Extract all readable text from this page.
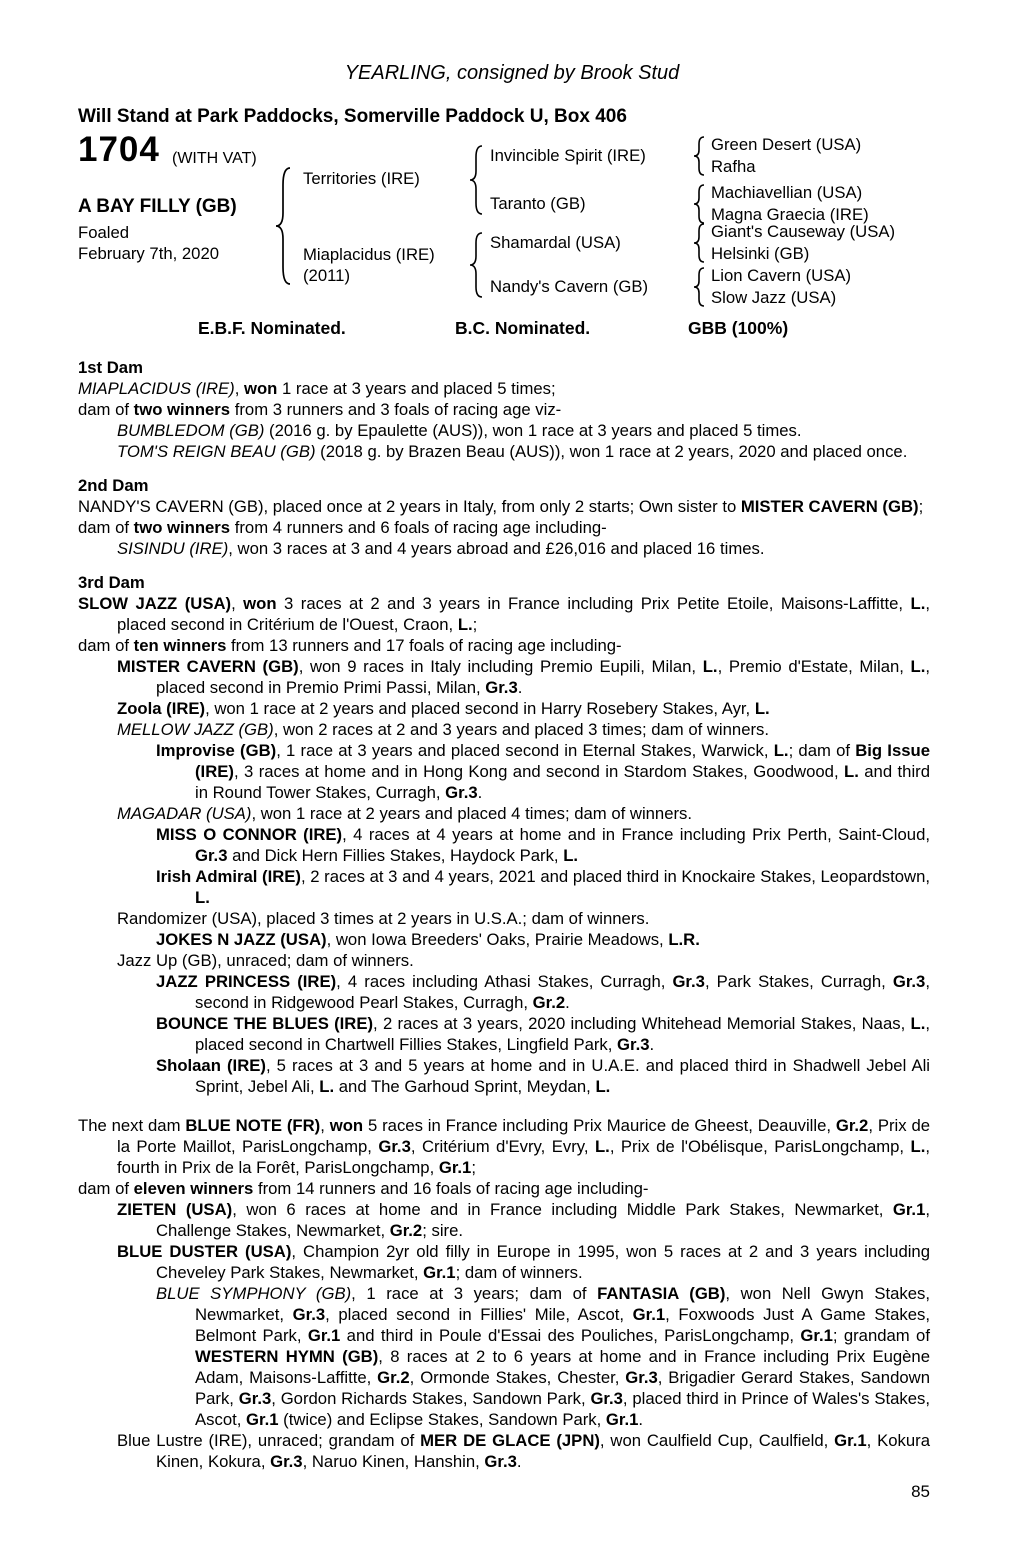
YEARLING, consigned by Brook Stud
Will Stand at Park Paddocks, Somerville Paddock U, Box 406
1704 (WITH VAT)
A BAY FILLY (GB)
Foaled
February 7th, 2020
Territories (IRE)
Miaplacidus (IRE)
(2011)
Invincible Spirit (IRE)
Taranto (GB)
Shamardal (USA)
Nandy's Cavern (GB)
Green Desert (USA)
Rafha
Machiavellian (USA)
Magna Graecia (IRE)
Giant's Causeway (USA)
Helsinki (GB)
Lion Cavern (USA)
Slow Jazz (USA)
E.B.F. Nominated.	B.C. Nominated.	GBB (100%)
1st Dam

MIAPLACIDUS (IRE), won 1 race at 3 years and placed 5 times;

dam of two winners from 3 runners and 3 foals of racing age viz-

BUMBLEDOM (GB) (2016 g. by Epaulette (AUS)), won 1 race at 3 years and placed 5 times.

TOM'S REIGN BEAU (GB) (2018 g. by Brazen Beau (AUS)), won 1 race at 2 years, 2020 and placed once.

2nd Dam

NANDY'S CAVERN (GB), placed once at 2 years in Italy, from only 2 starts; Own sister to MISTER CAVERN (GB);

dam of two winners from 4 runners and 6 foals of racing age including-

SISINDU (IRE), won 3 races at 3 and 4 years abroad and £26,016 and placed 16 times.

3rd Dam

SLOW JAZZ (USA), won 3 races at 2 and 3 years in France including Prix Petite Etoile, Maisons-Laffitte, L., placed second in Critérium de l'Ouest, Craon, L.;

dam of ten winners from 13 runners and 17 foals of racing age including-

MISTER CAVERN (GB), won 9 races in Italy including Premio Eupili, Milan, L., Premio d'Estate, Milan, L., placed second in Premio Primi Passi, Milan, Gr.3.

Zoola (IRE), won 1 race at 2 years and placed second in Harry Rosebery Stakes, Ayr, L.

MELLOW JAZZ (GB), won 2 races at 2 and 3 years and placed 3 times; dam of winners.

Improvise (GB), 1 race at 3 years and placed second in Eternal Stakes, Warwick, L.; dam of Big Issue (IRE), 3 races at home and in Hong Kong and second in Stardom Stakes, Goodwood, L. and third in Round Tower Stakes, Curragh, Gr.3.

MAGADAR (USA), won 1 race at 2 years and placed 4 times; dam of winners.

MISS O CONNOR (IRE), 4 races at 4 years at home and in France including Prix Perth, Saint-Cloud, Gr.3 and Dick Hern Fillies Stakes, Haydock Park, L.

Irish Admiral (IRE), 2 races at 3 and 4 years, 2021 and placed third in Knockaire Stakes, Leopardstown, L.

Randomizer (USA), placed 3 times at 2 years in U.S.A.; dam of winners.

JOKES N JAZZ (USA), won Iowa Breeders' Oaks, Prairie Meadows, L.R.

Jazz Up (GB), unraced; dam of winners.

JAZZ PRINCESS (IRE), 4 races including Athasi Stakes, Curragh, Gr.3, Park Stakes, Curragh, Gr.3, second in Ridgewood Pearl Stakes, Curragh, Gr.2.

BOUNCE THE BLUES (IRE), 2 races at 3 years, 2020 including Whitehead Memorial Stakes, Naas, L., placed second in Chartwell Fillies Stakes, Lingfield Park, Gr.3.

Sholaan (IRE), 5 races at 3 and 5 years at home and in U.A.E. and placed third in Shadwell Jebel Ali Sprint, Jebel Ali, L. and The Garhoud Sprint, Meydan, L.

The next dam BLUE NOTE (FR), won 5 races in France including Prix Maurice de Gheest, Deauville, Gr.2, Prix de la Porte Maillot, ParisLongchamp, Gr.3, Critérium d'Evry, Evry, L., Prix de l'Obélisque, ParisLongchamp, L., fourth in Prix de la Forêt, ParisLongchamp, Gr.1;

dam of eleven winners from 14 runners and 16 foals of racing age including-

ZIETEN (USA), won 6 races at home and in France including Middle Park Stakes, Newmarket, Gr.1, Challenge Stakes, Newmarket, Gr.2; sire.

BLUE DUSTER (USA), Champion 2yr old filly in Europe in 1995, won 5 races at 2 and 3 years including Cheveley Park Stakes, Newmarket, Gr.1; dam of winners.

BLUE SYMPHONY (GB), 1 race at 3 years; dam of FANTASIA (GB), won Nell Gwyn Stakes, Newmarket, Gr.3, placed second in Fillies' Mile, Ascot, Gr.1, Foxwoods Just A Game Stakes, Belmont Park, Gr.1 and third in Poule d'Essai des Pouliches, ParisLongchamp, Gr.1; grandam of WESTERN HYMN (GB), 8 races at 2 to 6 years at home and in France including Prix Eugène Adam, Maisons-Laffitte, Gr.2, Ormonde Stakes, Chester, Gr.3, Brigadier Gerard Stakes, Sandown Park, Gr.3, Gordon Richards Stakes, Sandown Park, Gr.3, placed third in Prince of Wales's Stakes, Ascot, Gr.1 (twice) and Eclipse Stakes, Sandown Park, Gr.1.

Blue Lustre (IRE), unraced; grandam of MER DE GLACE (JPN), won Caulfield Cup, Caulfield, Gr.1, Kokura Kinen, Kokura, Gr.3, Naruo Kinen, Hanshin, Gr.3.

85
